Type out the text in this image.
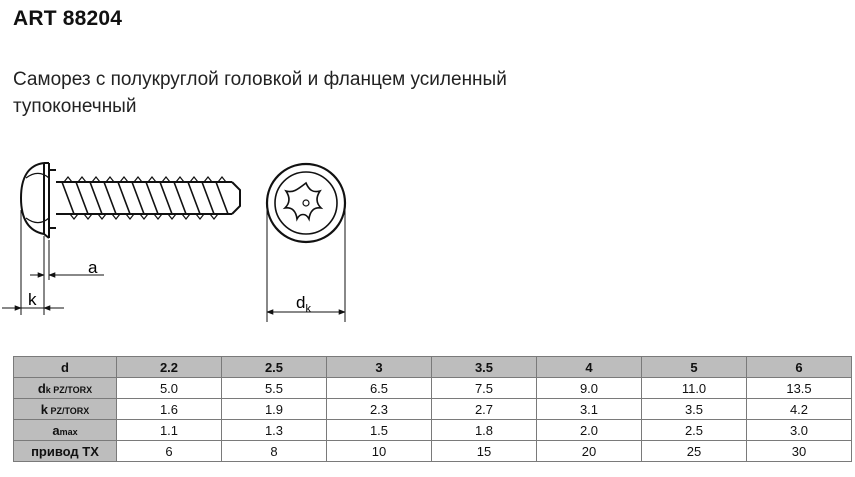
ART 88204
Саморез с полукруглой головкой и фланцем усиленный тупоконечный
a
k	$d_k$
d	2.2	2.5	3	3.5	4	5	6
dk PZ/TORX	5.0	5.5	6.5	7.5	9.0	11.0	13.5
k PZ/TORX	1.6	1.9	2.3	2.7	3.1	3.5	4.2
amax	1.1	1.3	1.5	1.8	2.0	2.5	3.0
привод TX	6	8	10	15	20	25	30
